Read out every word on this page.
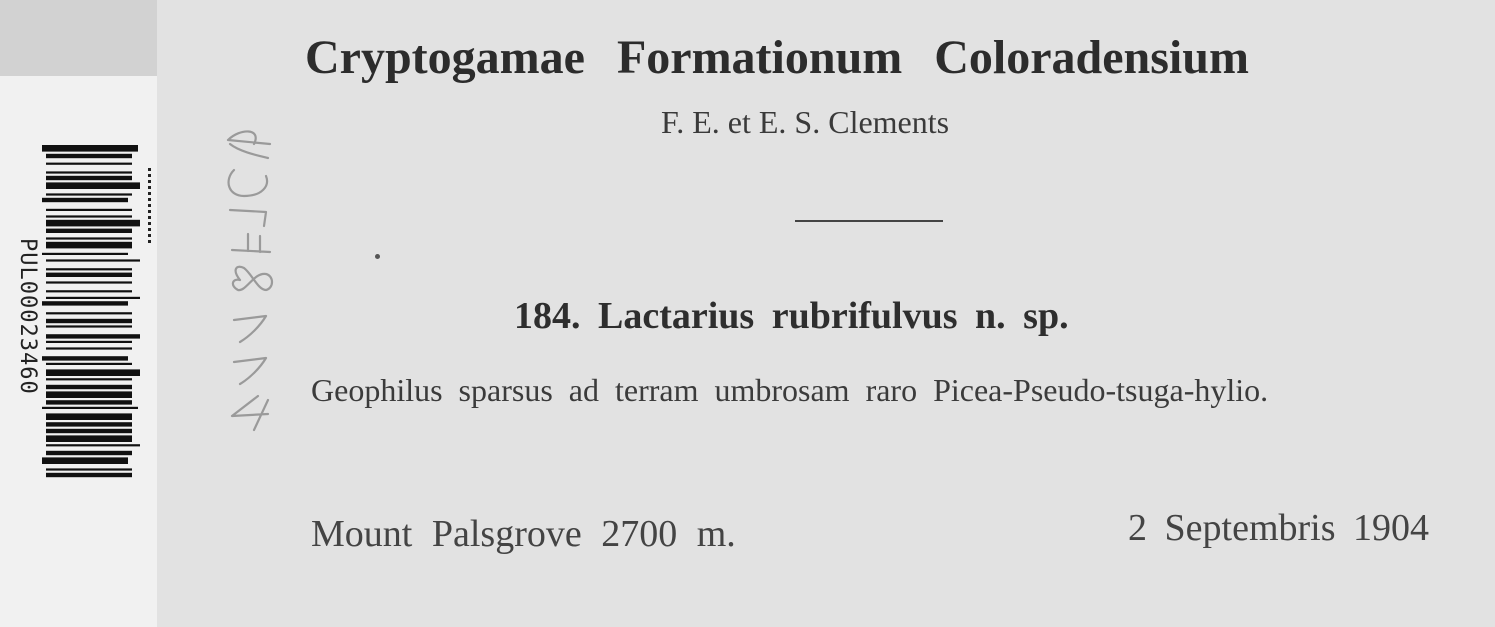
PUL00023460
Cryptogamae Formationum Coloradensium
F. E. et E. S. Clements
184. Lactarius rubrifulvus n. sp.
Geophilus sparsus ad terram umbrosam raro Picea-Pseudo-tsuga-hylio.
Mount Palsgrove 2700 m.	2 Septembris 1904
